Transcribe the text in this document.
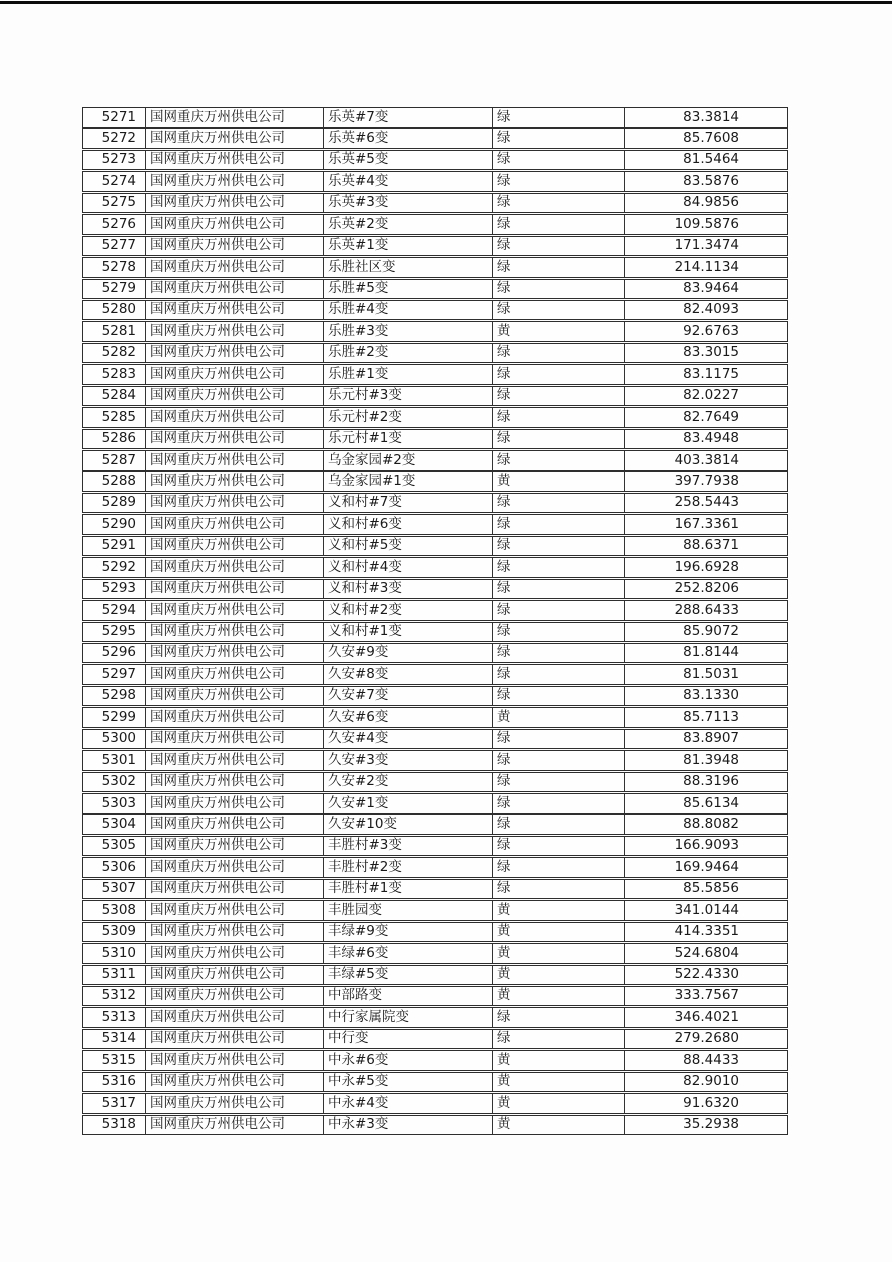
5271	国网重庆万州供电公司	乐英#7变	绿	83.3814
5272	国网重庆万州供电公司	乐英#6变	绿	85.7608
5273	国网重庆万州供电公司	乐英#5变	绿	81.5464
5274	国网重庆万州供电公司	乐英#4变	绿	83.5876
5275	国网重庆万州供电公司	乐英#3变	绿	84.9856
5276	国网重庆万州供电公司	乐英#2变	绿	109.5876
5277	国网重庆万州供电公司	乐英#1变	绿	171.3474
5278	国网重庆万州供电公司	乐胜社区变	绿	214.1134
5279	国网重庆万州供电公司	乐胜#5变	绿	83.9464
5280	国网重庆万州供电公司	乐胜#4变	绿	82.4093
5281	国网重庆万州供电公司	乐胜#3变	黄	92.6763
5282	国网重庆万州供电公司	乐胜#2变	绿	83.3015
5283	国网重庆万州供电公司	乐胜#1变	绿	83.1175
5284	国网重庆万州供电公司	乐元村#3变	绿	82.0227
5285	国网重庆万州供电公司	乐元村#2变	绿	82.7649
5286	国网重庆万州供电公司	乐元村#1变	绿	83.4948
5287	国网重庆万州供电公司	乌金家园#2变	绿	403.3814
5288	国网重庆万州供电公司	乌金家园#1变	黄	397.7938
5289	国网重庆万州供电公司	义和村#7变	绿	258.5443
5290	国网重庆万州供电公司	义和村#6变	绿	167.3361
5291	国网重庆万州供电公司	义和村#5变	绿	88.6371
5292	国网重庆万州供电公司	义和村#4变	绿	196.6928
5293	国网重庆万州供电公司	义和村#3变	绿	252.8206
5294	国网重庆万州供电公司	义和村#2变	绿	288.6433
5295	国网重庆万州供电公司	义和村#1变	绿	85.9072
5296	国网重庆万州供电公司	久安#9变	绿	81.8144
5297	国网重庆万州供电公司	久安#8变	绿	81.5031
5298	国网重庆万州供电公司	久安#7变	绿	83.1330
5299	国网重庆万州供电公司	久安#6变	黄	85.7113
5300	国网重庆万州供电公司	久安#4变	绿	83.8907
5301	国网重庆万州供电公司	久安#3变	绿	81.3948
5302	国网重庆万州供电公司	久安#2变	绿	88.3196
5303	国网重庆万州供电公司	久安#1变	绿	85.6134
5304	国网重庆万州供电公司	久安#10变	绿	88.8082
5305	国网重庆万州供电公司	丰胜村#3变	绿	166.9093
5306	国网重庆万州供电公司	丰胜村#2变	绿	169.9464
5307	国网重庆万州供电公司	丰胜村#1变	绿	85.5856
5308	国网重庆万州供电公司	丰胜园变	黄	341.0144
5309	国网重庆万州供电公司	丰绿#9变	黄	414.3351
5310	国网重庆万州供电公司	丰绿#6变	黄	524.6804
5311	国网重庆万州供电公司	丰绿#5变	黄	522.4330
5312	国网重庆万州供电公司	中部路变	黄	333.7567
5313	国网重庆万州供电公司	中行家属院变	绿	346.4021
5314	国网重庆万州供电公司	中行变	绿	279.2680
5315	国网重庆万州供电公司	中永#6变	黄	88.4433
5316	国网重庆万州供电公司	中永#5变	黄	82.9010
5317	国网重庆万州供电公司	中永#4变	黄	91.6320
5318	国网重庆万州供电公司	中永#3变	黄	35.2938
